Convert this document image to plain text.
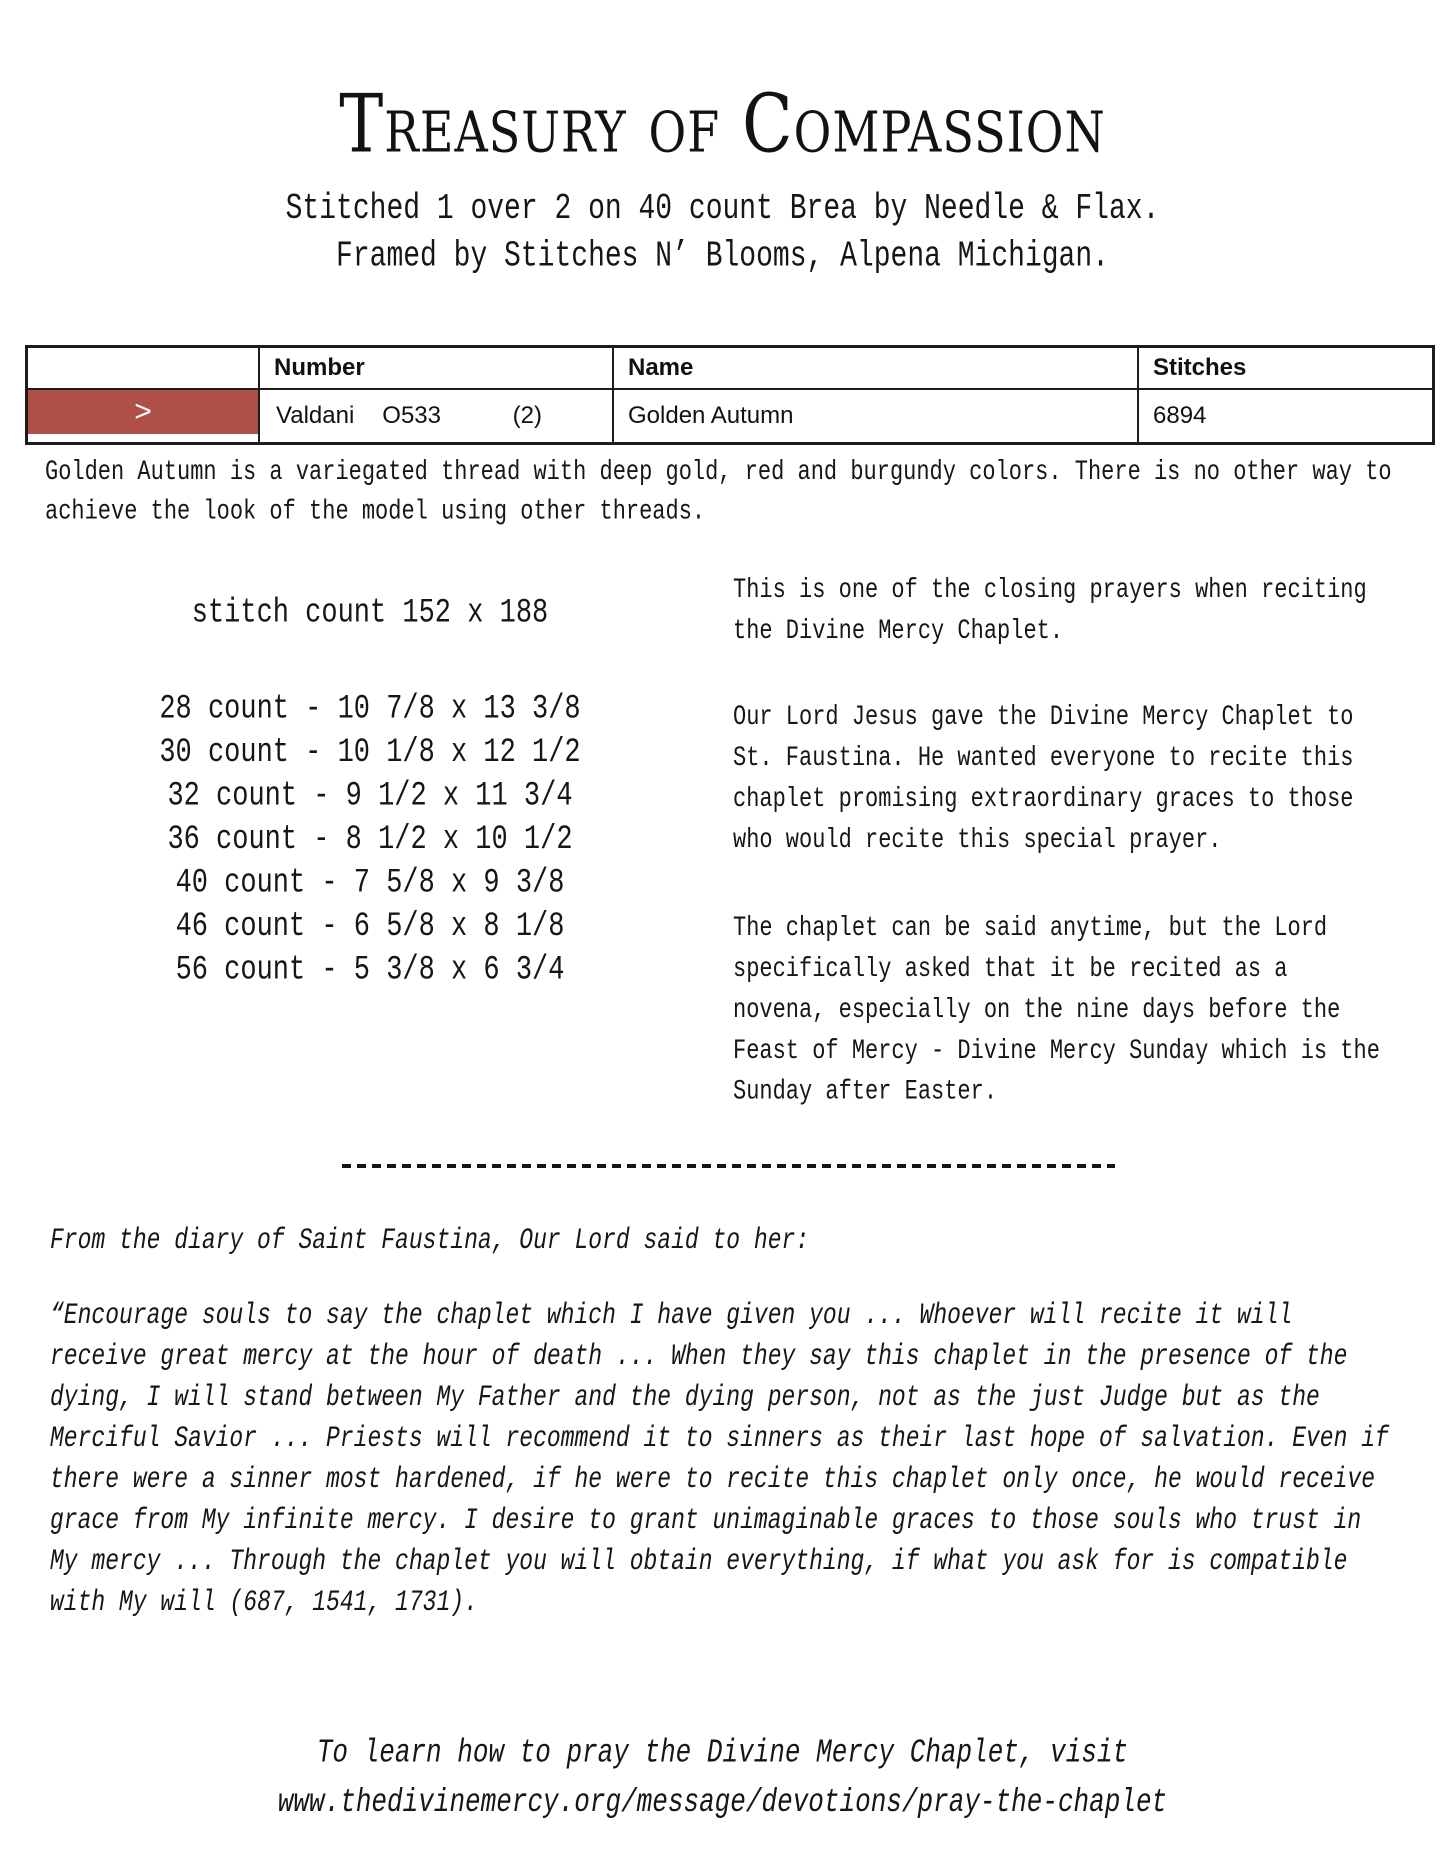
Treasury of Compassion
Stitched 1 over 2 on 40 count Brea by Needle & Flax.
Framed by Stitches N’ Blooms, Alpena Michigan.

	Number	Name	Stitches

>	Valdani O533 (2)	Golden Autumn	6894
Golden Autumn is a variegated thread with deep gold, red and burgundy colors. There is no other way to achieve the look of the model using other threads.
stitch count 152 x 188
28 count - 10 7/8 x 13 3/8
30 count - 10 1/8 x 12 1/2
32 count - 9 1/2 x 11 3/4
36 count - 8 1/2 x 10 1/2
40 count - 7 5/8 x 9 3/8
46 count - 6 5/8 x 8 1/8
56 count - 5 3/8 x 6 3/4
This is one of the closing prayers when reciting the Divine Mercy Chaplet.
Our Lord Jesus gave the Divine Mercy Chaplet to St. Faustina. He wanted everyone to recite this chaplet promising extraordinary graces to those who would recite this special prayer.
The chaplet can be said anytime, but the Lord specifically asked that it be recited as a novena, especially on the nine days before the Feast of Mercy - Divine Mercy Sunday which is the Sunday after Easter.
From the diary of Saint Faustina, Our Lord said to her:
“Encourage souls to say the chaplet which I have given you ... Whoever will recite it will receive great mercy at the hour of death ... When they say this chaplet in the presence of the dying, I will stand between My Father and the dying person, not as the just Judge but as the Merciful Savior ... Priests will recommend it to sinners as their last hope of salvation. Even if there were a sinner most hardened, if he were to recite this chaplet only once, he would receive grace from My infinite mercy. I desire to grant unimaginable graces to those souls who trust in My mercy ... Through the chaplet you will obtain everything, if what you ask for is compatible with My will (687, 1541, 1731).
To learn how to pray the Divine Mercy Chaplet, visit
www.thedivinemercy.org/message/devotions/pray-the-chaplet
